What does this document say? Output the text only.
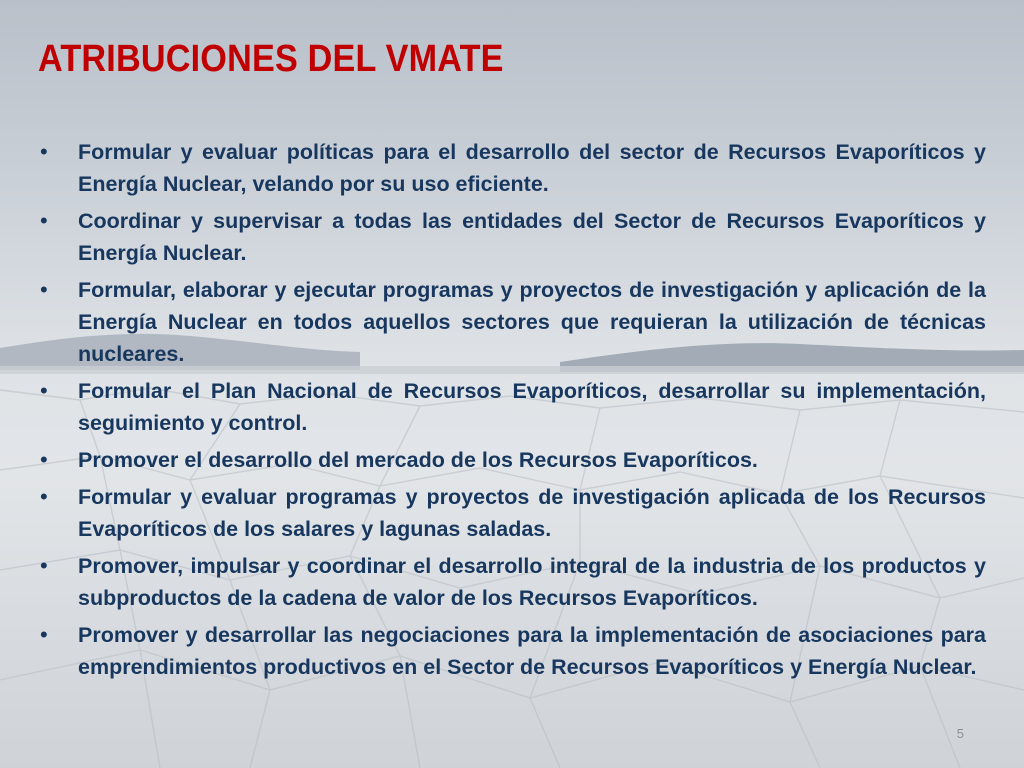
ATRIBUCIONES DEL VMATE
• Formular y evaluar políticas para el desarrollo del sector de Recursos Evaporíticos y Energía Nuclear, velando por su uso eficiente.
• Coordinar y supervisar a todas las entidades del Sector de Recursos Evaporíticos y Energía Nuclear.
• Formular, elaborar y ejecutar programas y proyectos de investigación y aplicación de la Energía Nuclear en todos aquellos sectores que requieran la utilización de técnicas nucleares.
• Formular el Plan Nacional de Recursos Evaporíticos, desarrollar su implementación, seguimiento y control.
• Promover el desarrollo del mercado de los Recursos Evaporíticos.
• Formular y evaluar programas y proyectos de investigación aplicada de los Recursos Evaporíticos de los salares y lagunas saladas.
• Promover, impulsar y coordinar el desarrollo integral de la industria de los productos y subproductos de la cadena de valor de los Recursos Evaporíticos.
• Promover y desarrollar las negociaciones para la implementación de asociaciones para emprendimientos productivos en el Sector de Recursos Evaporíticos y Energía Nuclear.
5
